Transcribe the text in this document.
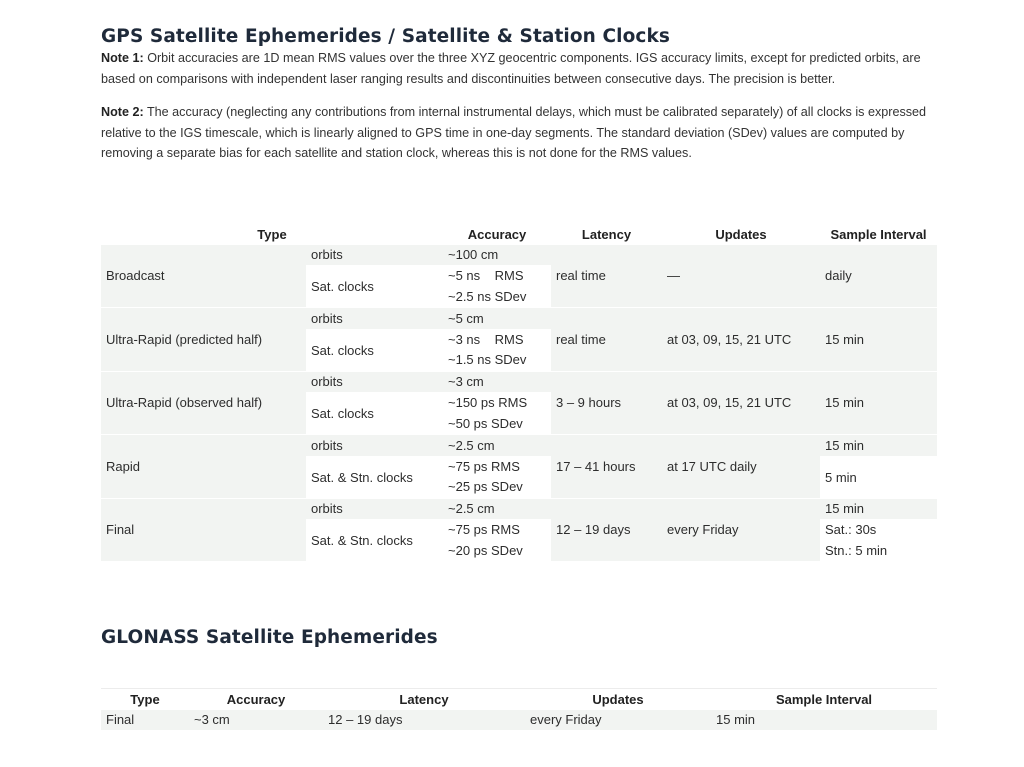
GPS Satellite Ephemerides / Satellite & Station Clocks

Note 1: Orbit accuracies are 1D mean RMS values over the three XYZ geocentric components. IGS accuracy limits, except for predicted orbits, are based on comparisons with independent laser ranging results and discontinuities between consecutive days. The precision is better.

Note 2: The accuracy (neglecting any contributions from internal instrumental delays, which must be calibrated separately) of all clocks is expressed relative to the IGS timescale, which is linearly aligned to GPS time in one-day segments. The standard deviation (SDev) values are computed by removing a separate bias for each satellite and station clock, whereas this is not done for the RMS values.

Type		Accuracy	Latency	Updates	Sample Interval
Broadcast	orbits	~100 cm	real time	—	daily
	Sat. clocks	~5 ns    RMS
~2.5 ns SDev			

Ultra-Rapid (predicted half)	orbits	~5 cm	real time	at 03, 09, 15, 21 UTC	15 min
	Sat. clocks	~3 ns    RMS
~1.5 ns SDev			

Ultra-Rapid (observed half)	orbits	~3 cm	3 – 9 hours	at 03, 09, 15, 21 UTC	15 min
	Sat. clocks	~150 ps RMS
~50 ps SDev			

Rapid	orbits	~2.5 cm	17 – 41 hours	at 17 UTC daily	15 min
	Sat. & Stn. clocks	~75 ps RMS
~25 ps SDev			5 min
Final	orbits	~2.5 cm	12 – 19 days	every Friday	15 min
	Sat. & Stn. clocks	~75 ps RMS
~20 ps SDev			Sat.: 30s
Stn.: 5 min
GLONASS Satellite Ephemerides
Type	Accuracy	Latency	Updates	Sample Interval
Final	~3 cm	12 – 19 days	every Friday	15 min
